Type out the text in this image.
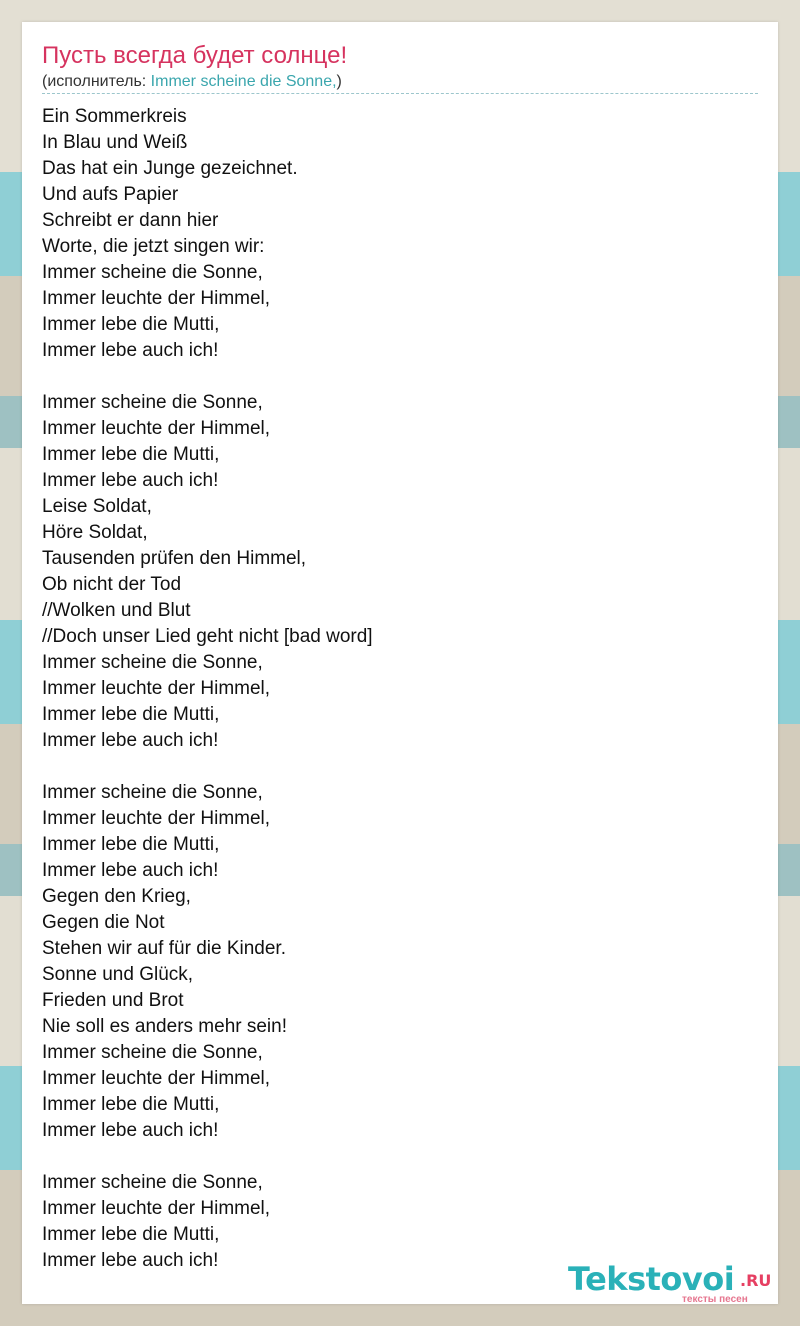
Пусть всегда будет солнце!
(исполнитель: Immer scheine die Sonne,)
Ein Sommerkreis
In Blau und Weiß
Das hat ein Junge gezeichnet.
Und aufs Papier
Schreibt er dann hier
Worte, die jetzt singen wir:
Immer scheine die Sonne,
Immer leuchte der Himmel,
Immer lebe die Mutti,
Immer lebe auch ich!
Immer scheine die Sonne,
Immer leuchte der Himmel,
Immer lebe die Mutti,
Immer lebe auch ich!
Leise Soldat,
Höre Soldat,
Tausenden prüfen den Himmel,
Ob nicht der Tod
//Wolken und Blut
//Doch unser Lied geht nicht [bad word]
Immer scheine die Sonne,
Immer leuchte der Himmel,
Immer lebe die Mutti,
Immer lebe auch ich!
Immer scheine die Sonne,
Immer leuchte der Himmel,
Immer lebe die Mutti,
Immer lebe auch ich!
Gegen den Krieg,
Gegen die Not
Stehen wir auf für die Kinder.
Sonne und Glück,
Frieden und Brot
Nie soll es anders mehr sein!
Immer scheine die Sonne,
Immer leuchte der Himmel,
Immer lebe die Mutti,
Immer lebe auch ich!
Immer scheine die Sonne,
Immer leuchte der Himmel,
Immer lebe die Mutti,
Immer lebe auch ich!	Tekstovoi .RU
тексты песен
